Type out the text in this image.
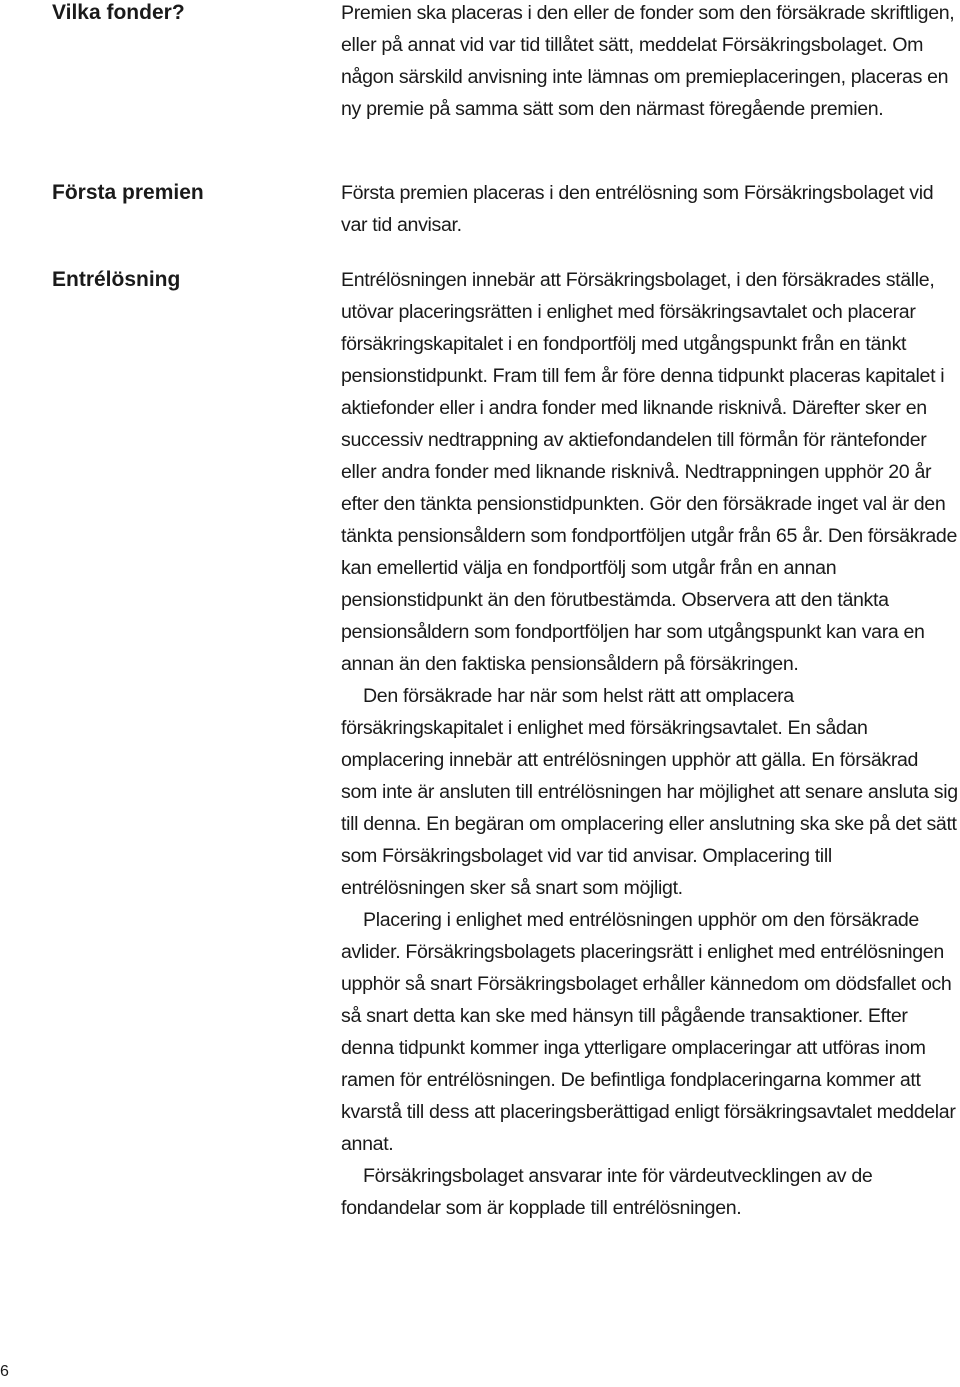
Vilka fonder?	Premien ska placeras i den eller de fonder som den försäkrade skriftligen, eller på annat vid var tid tillåtet sätt, meddelat Försäkringsbolaget. Om någon särskild anvisning inte lämnas om premieplaceringen, placeras en ny premie på samma sätt som den närmast föregående premien.

Första premien	Första premien placeras i den entrélösning som Försäkringsbolaget vid var tid anvisar.

Entrélösning	Entrélösningen innebär att Försäkringsbolaget, i den försäkrades ställe, utövar placeringsrätten i enlighet med försäkringsavtalet och placerar försäkringskapitalet i en fondportfölj med utgångspunkt från en tänkt pensionstidpunkt. Fram till fem år före denna tidpunkt placeras kapitalet i aktiefonder eller i andra fonder med liknande risknivå. Därefter sker en successiv nedtrappning av aktiefondandelen till förmån för räntefonder eller andra fonder med liknande risknivå. Nedtrappningen upphör 20 år efter den tänkta pensionstidpunkten. Gör den försäkrade inget val är den tänkta pensionsåldern som fondportföljen utgår från 65 år. Den försäkrade kan emellertid välja en fondportfölj som utgår från en annan pensionstidpunkt än den förutbestämda. Observera att den tänkta pensionsåldern som fondportföljen har som utgångspunkt kan vara en annan än den faktiska pensionsåldern på försäkringen.

Den försäkrade har när som helst rätt att omplacera försäkringskapitalet i enlighet med försäkringsavtalet. En sådan omplacering innebär att entrélösningen upphör att gälla. En försäkrad som inte är ansluten till entrélösningen har möjlighet att senare ansluta sig till denna. En begäran om omplacering eller anslutning ska ske på det sätt som Försäkringsbolaget vid var tid anvisar. Omplacering till entrélösningen sker så snart som möjligt.

Placering i enlighet med entrélösningen upphör om den försäkrade avlider. Försäkringsbolagets placeringsrätt i enlighet med entrélösningen upphör så snart Försäkringsbolaget erhåller kännedom om dödsfallet och så snart detta kan ske med hänsyn till pågående transaktioner. Efter denna tidpunkt kommer inga ytterligare omplaceringar att utföras inom ramen för entrélösningen. De befintliga fondplaceringarna kommer att kvarstå till dess att placeringsberättigad enligt försäkringsavtalet meddelar annat.

Försäkringsbolaget ansvarar inte för värdeutvecklingen av de fondandelar som är kopplade till entrélösningen.

6
